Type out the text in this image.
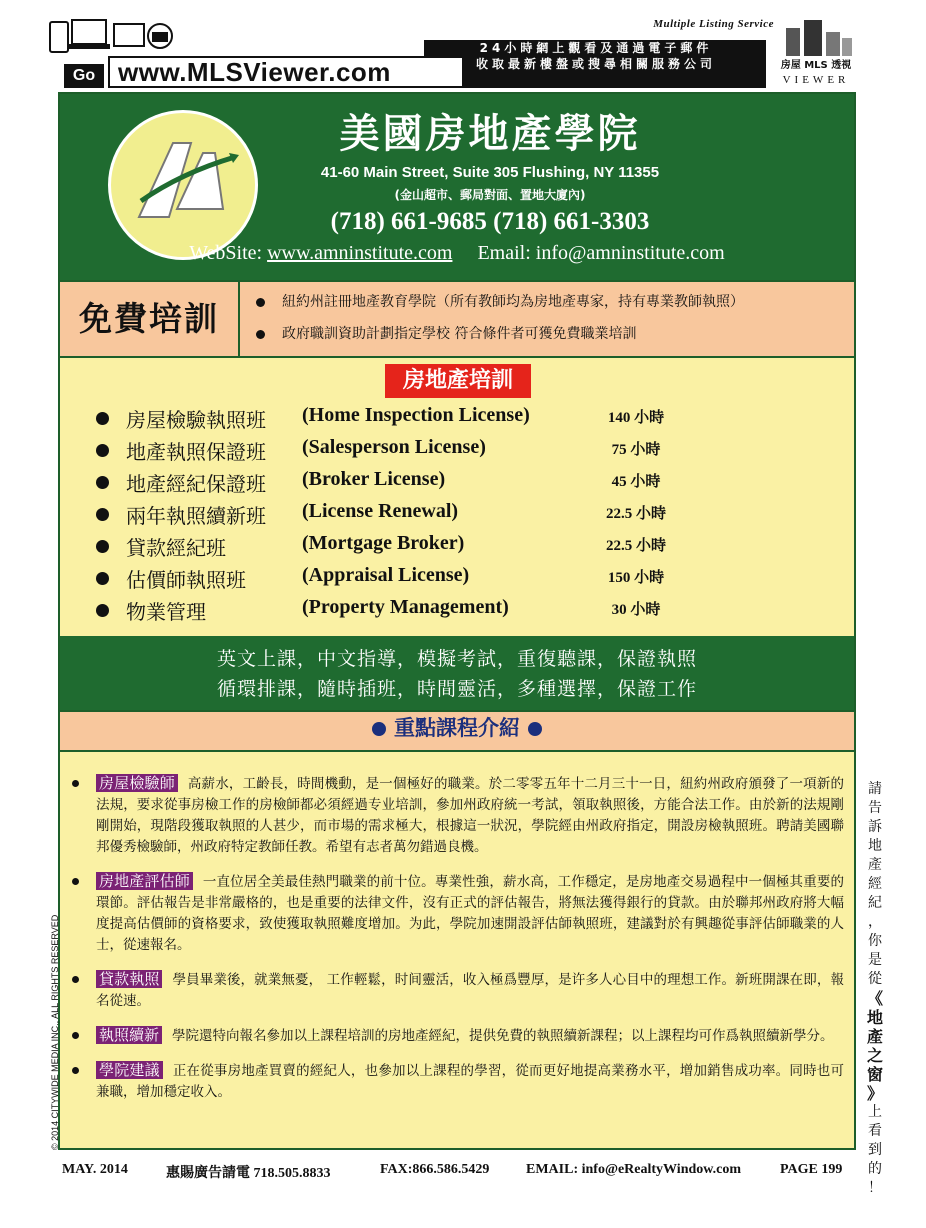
Go www.MLSViewer.com
24小時網上觀看及通過電子郵件
收取最新樓盤或搜尋相關服務公司
Multiple Listing Service
房屋 MLS 透視
VIEWER
美國房地產學院
41-60 Main Street, Suite 305 Flushing, NY 11355
(金山超市、郵局對面、置地大廈內)
(718) 661-9685 (718) 661-3303
WebSite: www.amninstitute.com Email: info@amninstitute.com
免費培訓	紐約州註冊地產教育學院（所有教師均為房地產專家，持有專業教師執照）
政府職訓資助計劃指定學校 符合條件者可獲免費職業培訓
房地產培訓
房屋檢驗執照班 (Home Inspection License)	140 小時
地產執照保證班 (Salesperson License)	75 小時
地產經紀保證班 (Broker License)	45 小時
兩年執照續新班 (License Renewal)	22.5 小時
貸款經紀班	(Mortgage Broker)	22.5 小時
估價師執照班	(Appraisal License)	150 小時
物業管理	(Property Management)	30 小時
英文上課，中文指導，模擬考試，重復聽課，保證執照
循環排課，隨時插班，時間靈活，多種選擇，保證工作
重點課程介紹
房屋檢驗師 高薪水，工齡長，時間機動，是一個極好的職業。於二零零五年十二月三十一日，紐約州政府頒發了一項新的法規，要求從事房檢工作的房檢師都必須經過专业培訓，參加州政府統一考試，領取執照後，方能合法工作。由於新的法規剛剛開始，現階段獲取執照的人甚少，而市場的需求極大，根據這一狀況，學院經由州政府指定，開設房檢執照班。聘請美國聯邦優秀檢驗師，州政府特定教師任教。希望有志者萬勿錯過良機。
房地產評估師 一直位居全美最佳熱門職業的前十位。專業性強，薪水高，工作穩定，是房地產交易過程中一個極其重要的環節。評估報告是非常嚴格的，也是重要的法律文件，沒有正式的評估報告，將無法獲得銀行的貸款。由於聯邦州政府將大幅度提高估價師的資格要求，致使獲取執照難度增加。为此，學院加速開設評估師執照班，建議對於有興趣從事評估師職業的人士，從速報名。
貸款執照 學員畢業後，就業無憂， 工作輕鬆，时间靈活，收入極爲豐厚，是许多人心目中的理想工作。新班開課在即，報名從速。
執照續新 學院還特向報名參加以上課程培訓的房地產經紀，提供免費的執照續新課程；以上課程均可作爲執照續新學分。
學院建議 正在從事房地產買賣的經紀人，也參加以上課程的學習，從而更好地提高業務水平，增加銷售成功率。同時也可兼職，增加穩定收入。
請
告
訴
地
產
經
紀
，
你
是
從
《
地
產
之
窗
》
上
看
到
的
！
© 2014 CITYWIDE MEDIA INC., ALL RIGHTS RESERVED
MAY. 2014	惠賜廣告請電 718.505.8833	FAX:866.586.5429	EMAIL: info@eRealtyWindow.com	PAGE 199
